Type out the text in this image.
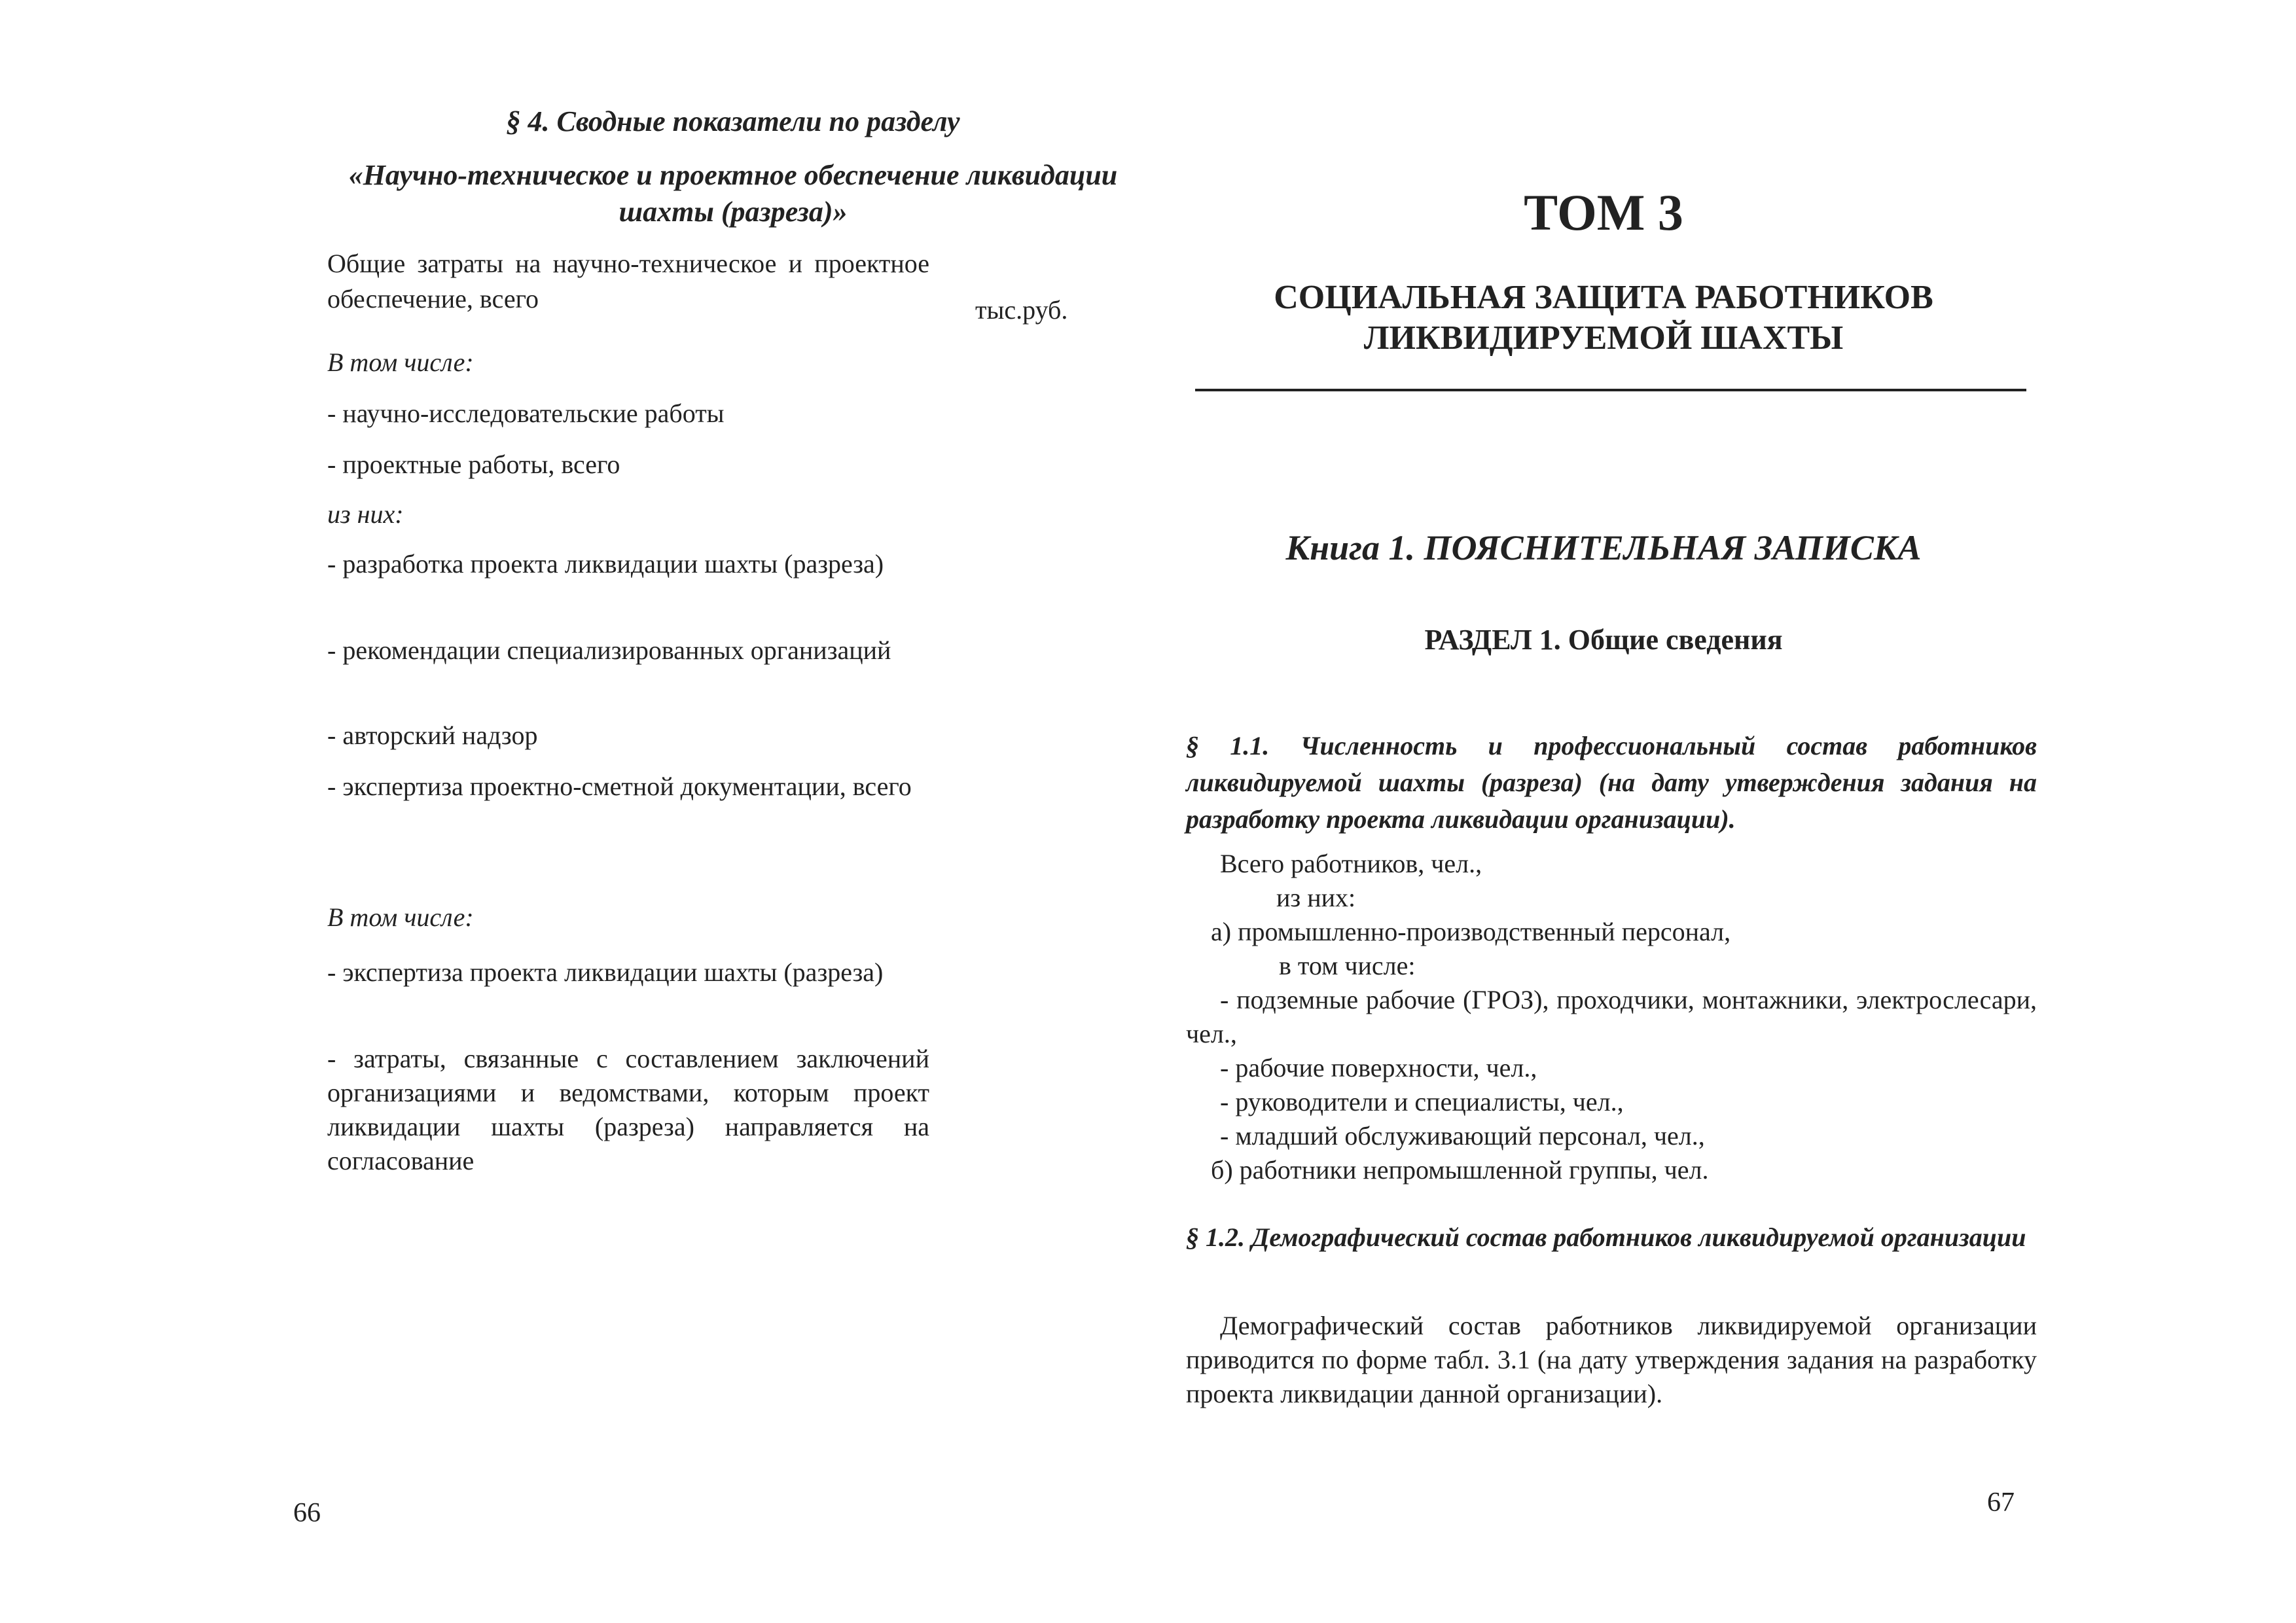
§ 4. Сводные показатели по разделу
«Научно-техническое и проектное обеспечение ликвидации шахты (разреза)»
Общие затраты на научно-техническое и проектное обеспечение, всего	тыс.руб.
В том числе:
- научно-исследовательские работы
- проектные работы, всего
из них:
- разработка проекта ликвидации шахты (разреза)
- рекомендации специализированных организаций
- авторский надзор
- экспертиза проектно-сметной документации, всего
В том числе:
- экспертиза проекта ликвидации шахты (разреза)
- затраты, связанные с составлением заключений организациями и ведомствами, которым проект ликвидации шахты (разреза) направляется на согласование
66
ТОМ 3
СОЦИАЛЬНАЯ ЗАЩИТА РАБОТНИКОВ ЛИКВИДИРУЕМОЙ ШАХТЫ
Книга 1. ПОЯСНИТЕЛЬНАЯ ЗАПИСКА
РАЗДЕЛ 1. Общие сведения
§ 1.1. Численность и профессиональный состав работников ликвидируемой шахты (разреза) (на дату утверждения задания на разработку проекта ликвидации организации).
Всего работников, чел.,
из них:
а) промышленно-производственный персонал,
в том числе:
- подземные рабочие (ГРОЗ), проходчики, монтажники, электрослесари, чел.,
- рабочие поверхности, чел.,
- руководители и специалисты, чел.,
- младший обслуживающий персонал, чел.,
б) работники непромышленной группы, чел.
§ 1.2. Демографический состав работников ликвидируемой организации
Демографический состав работников ликвидируемой организации приводится по форме табл. 3.1 (на дату утверждения задания на разработку проекта ликвидации данной организации).
67
